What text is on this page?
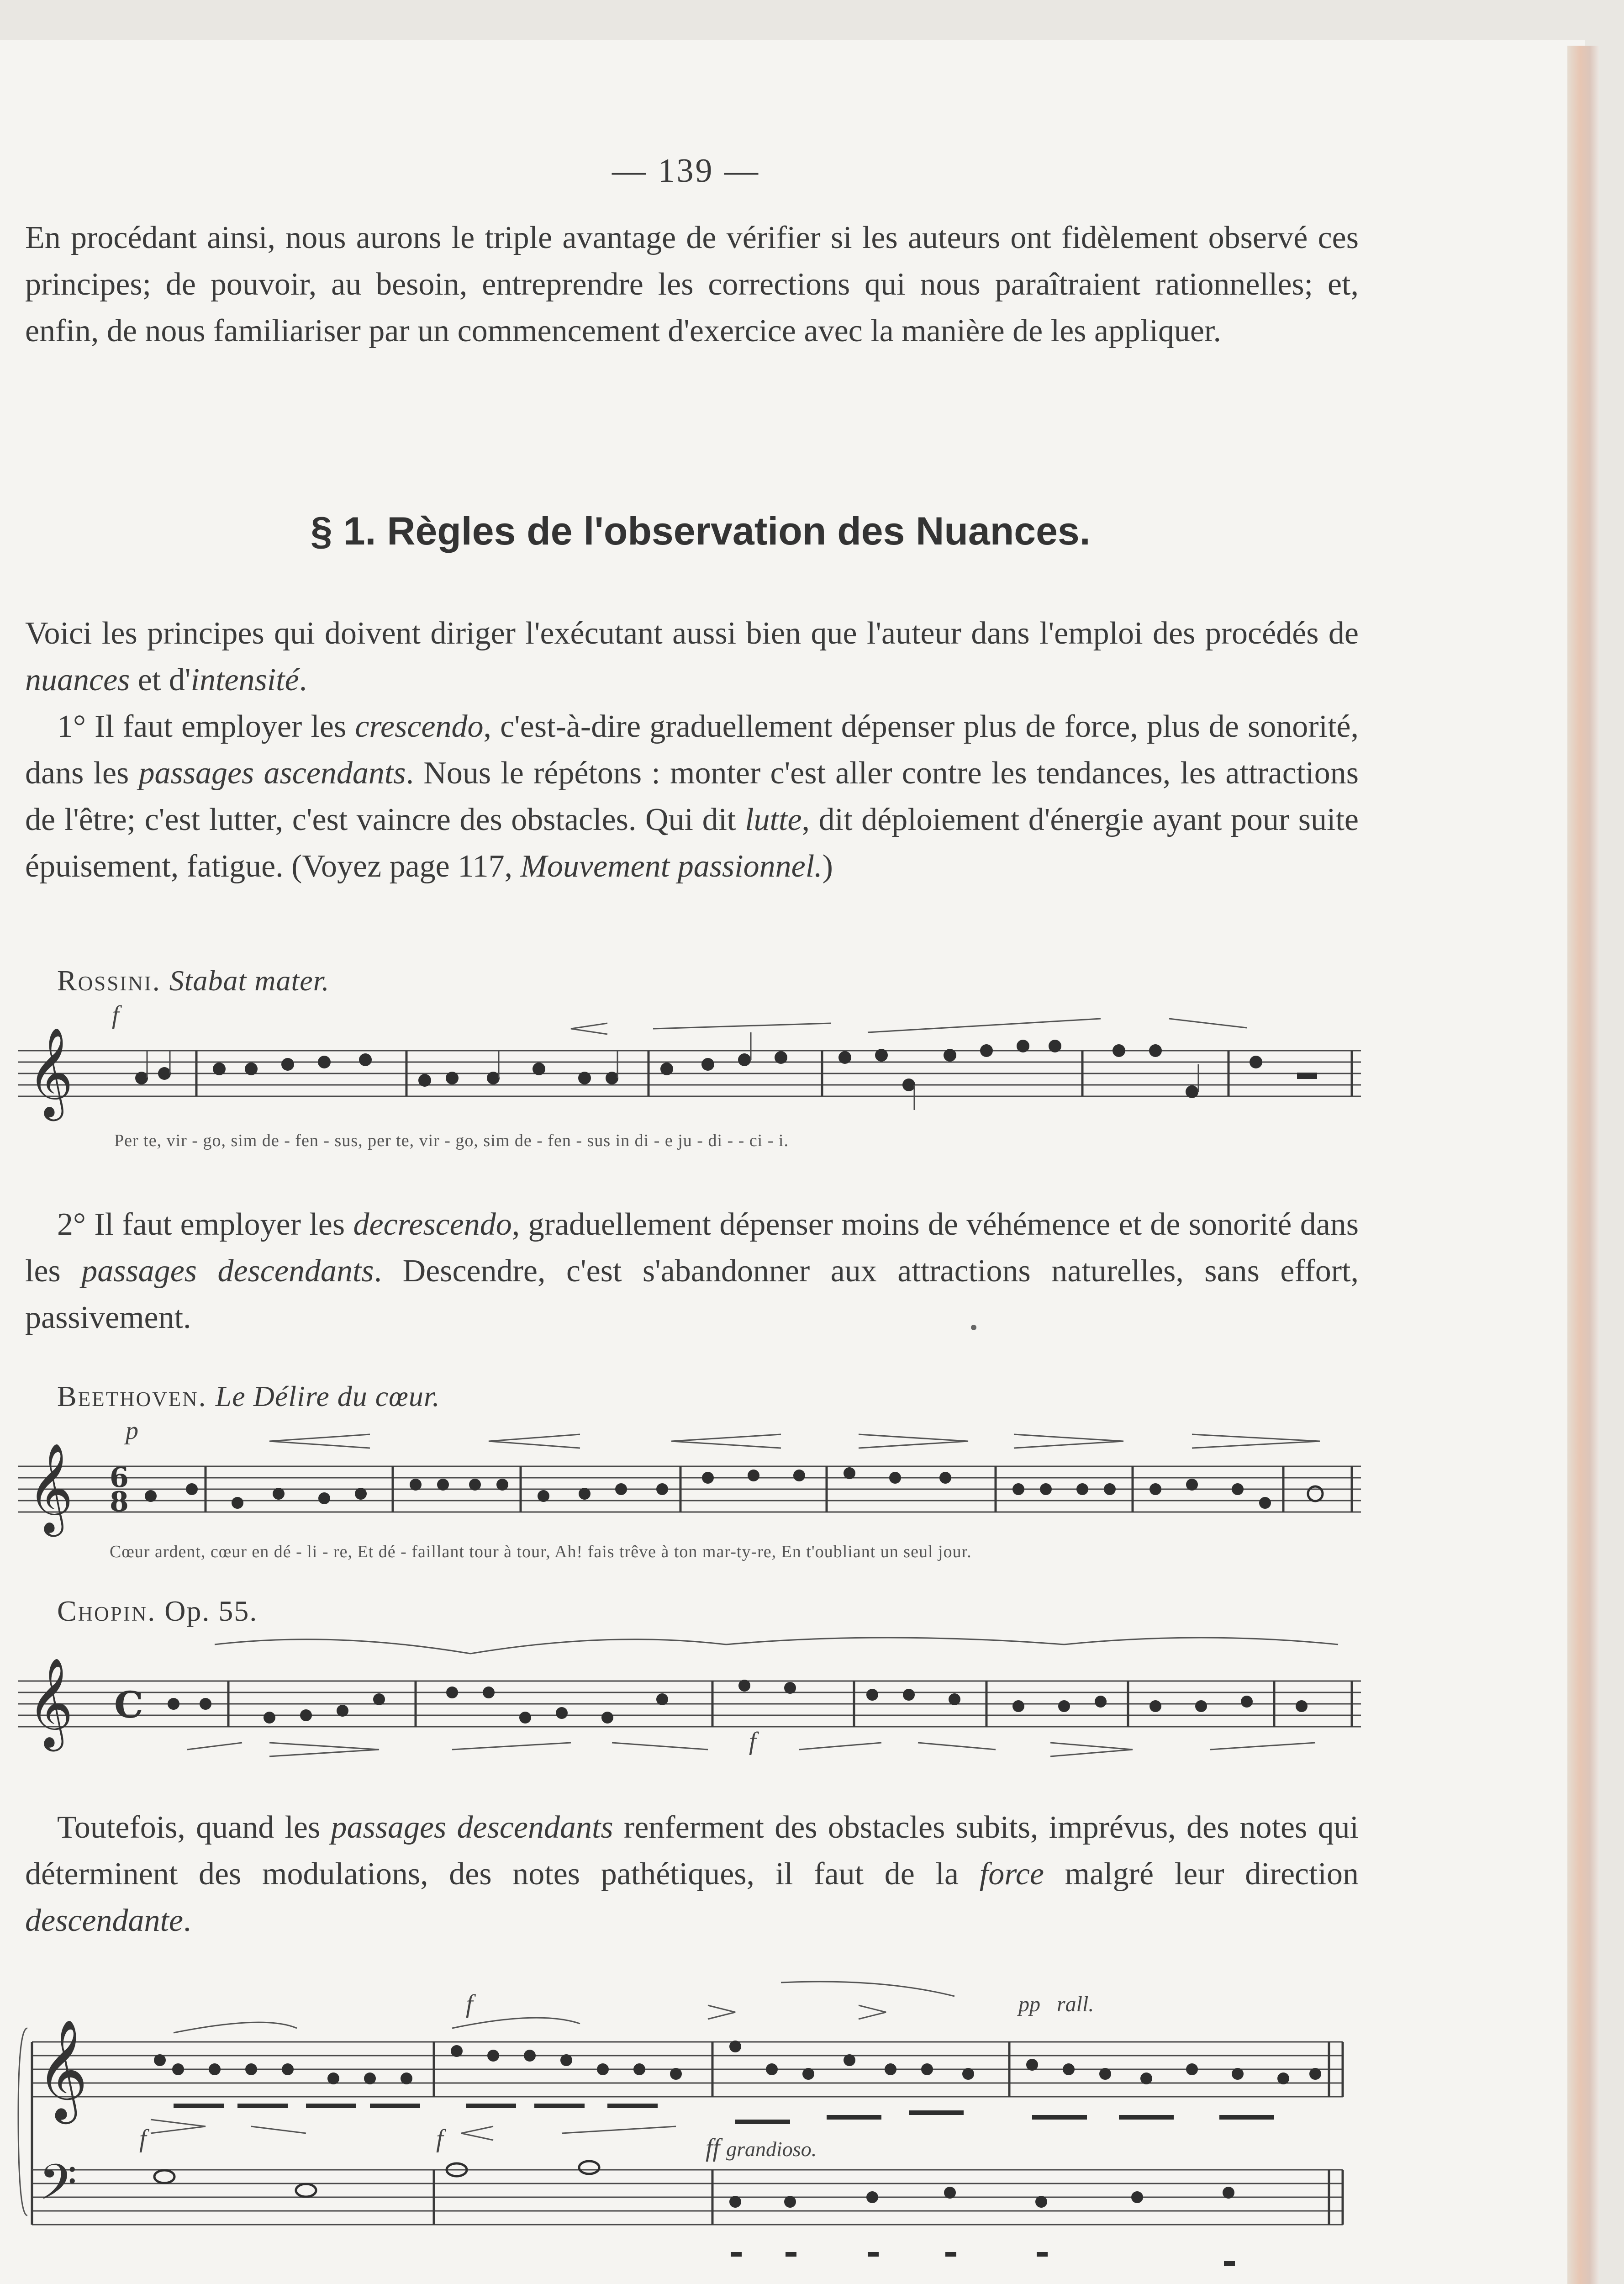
— 139 —

En procédant ainsi, nous aurons le triple avantage de vérifier si les auteurs ont fidèlement observé ces principes; de pouvoir, au besoin, entreprendre les corrections qui nous paraîtraient rationnelles; et, enfin, de nous familiariser par un commencement d'exercice avec la manière de les appliquer.

§ 1. Règles de l'observation des Nuances.

Voici les principes qui doivent diriger l'exécutant aussi bien que l'auteur dans l'emploi des procédés de nuances et d'intensité.

1° Il faut employer les crescendo, c'est-à-dire graduellement dépenser plus de force, plus de sonorité, dans les passages ascendants. Nous le répétons : monter c'est aller contre les tendances, les attractions de l'être; c'est lutter, c'est vaincre des obstacles. Qui dit lutte, dit déploiement d'énergie ayant pour suite épuisement, fatigue. (Voyez page 117, Mouvement passionnel.)

Rossini. Stabat mater.
f
𝄞
Per te, vir - go, sim de - fen - sus, per te, vir - go, sim de - fen - sus in di - e ju - di - - ci - i.

2° Il faut employer les decrescendo, graduellement dépenser moins de véhémence et de sonorité dans les passages descendants. Descendre, c'est s'abandonner aux attractions naturelles, sans effort, passivement.

Beethoven. Le Délire du cœur.
p
𝄞 6
8
Cœur ardent, cœur en dé - li - re, Et dé - faillant tour à tour, Ah! fais trêve à ton mar-ty-re, En t'oubliant un seul jour.
Chopin. Op. 55.
𝄞 C
f

Toutefois, quand les passages descendants renferment des obstacles subits, imprévus, des notes qui déterminent des modulations, des notes pathétiques, il faut de la force malgré leur direction descendante.

𝄞
𝄢
f
f	f	ff grandioso.
pp rall.
